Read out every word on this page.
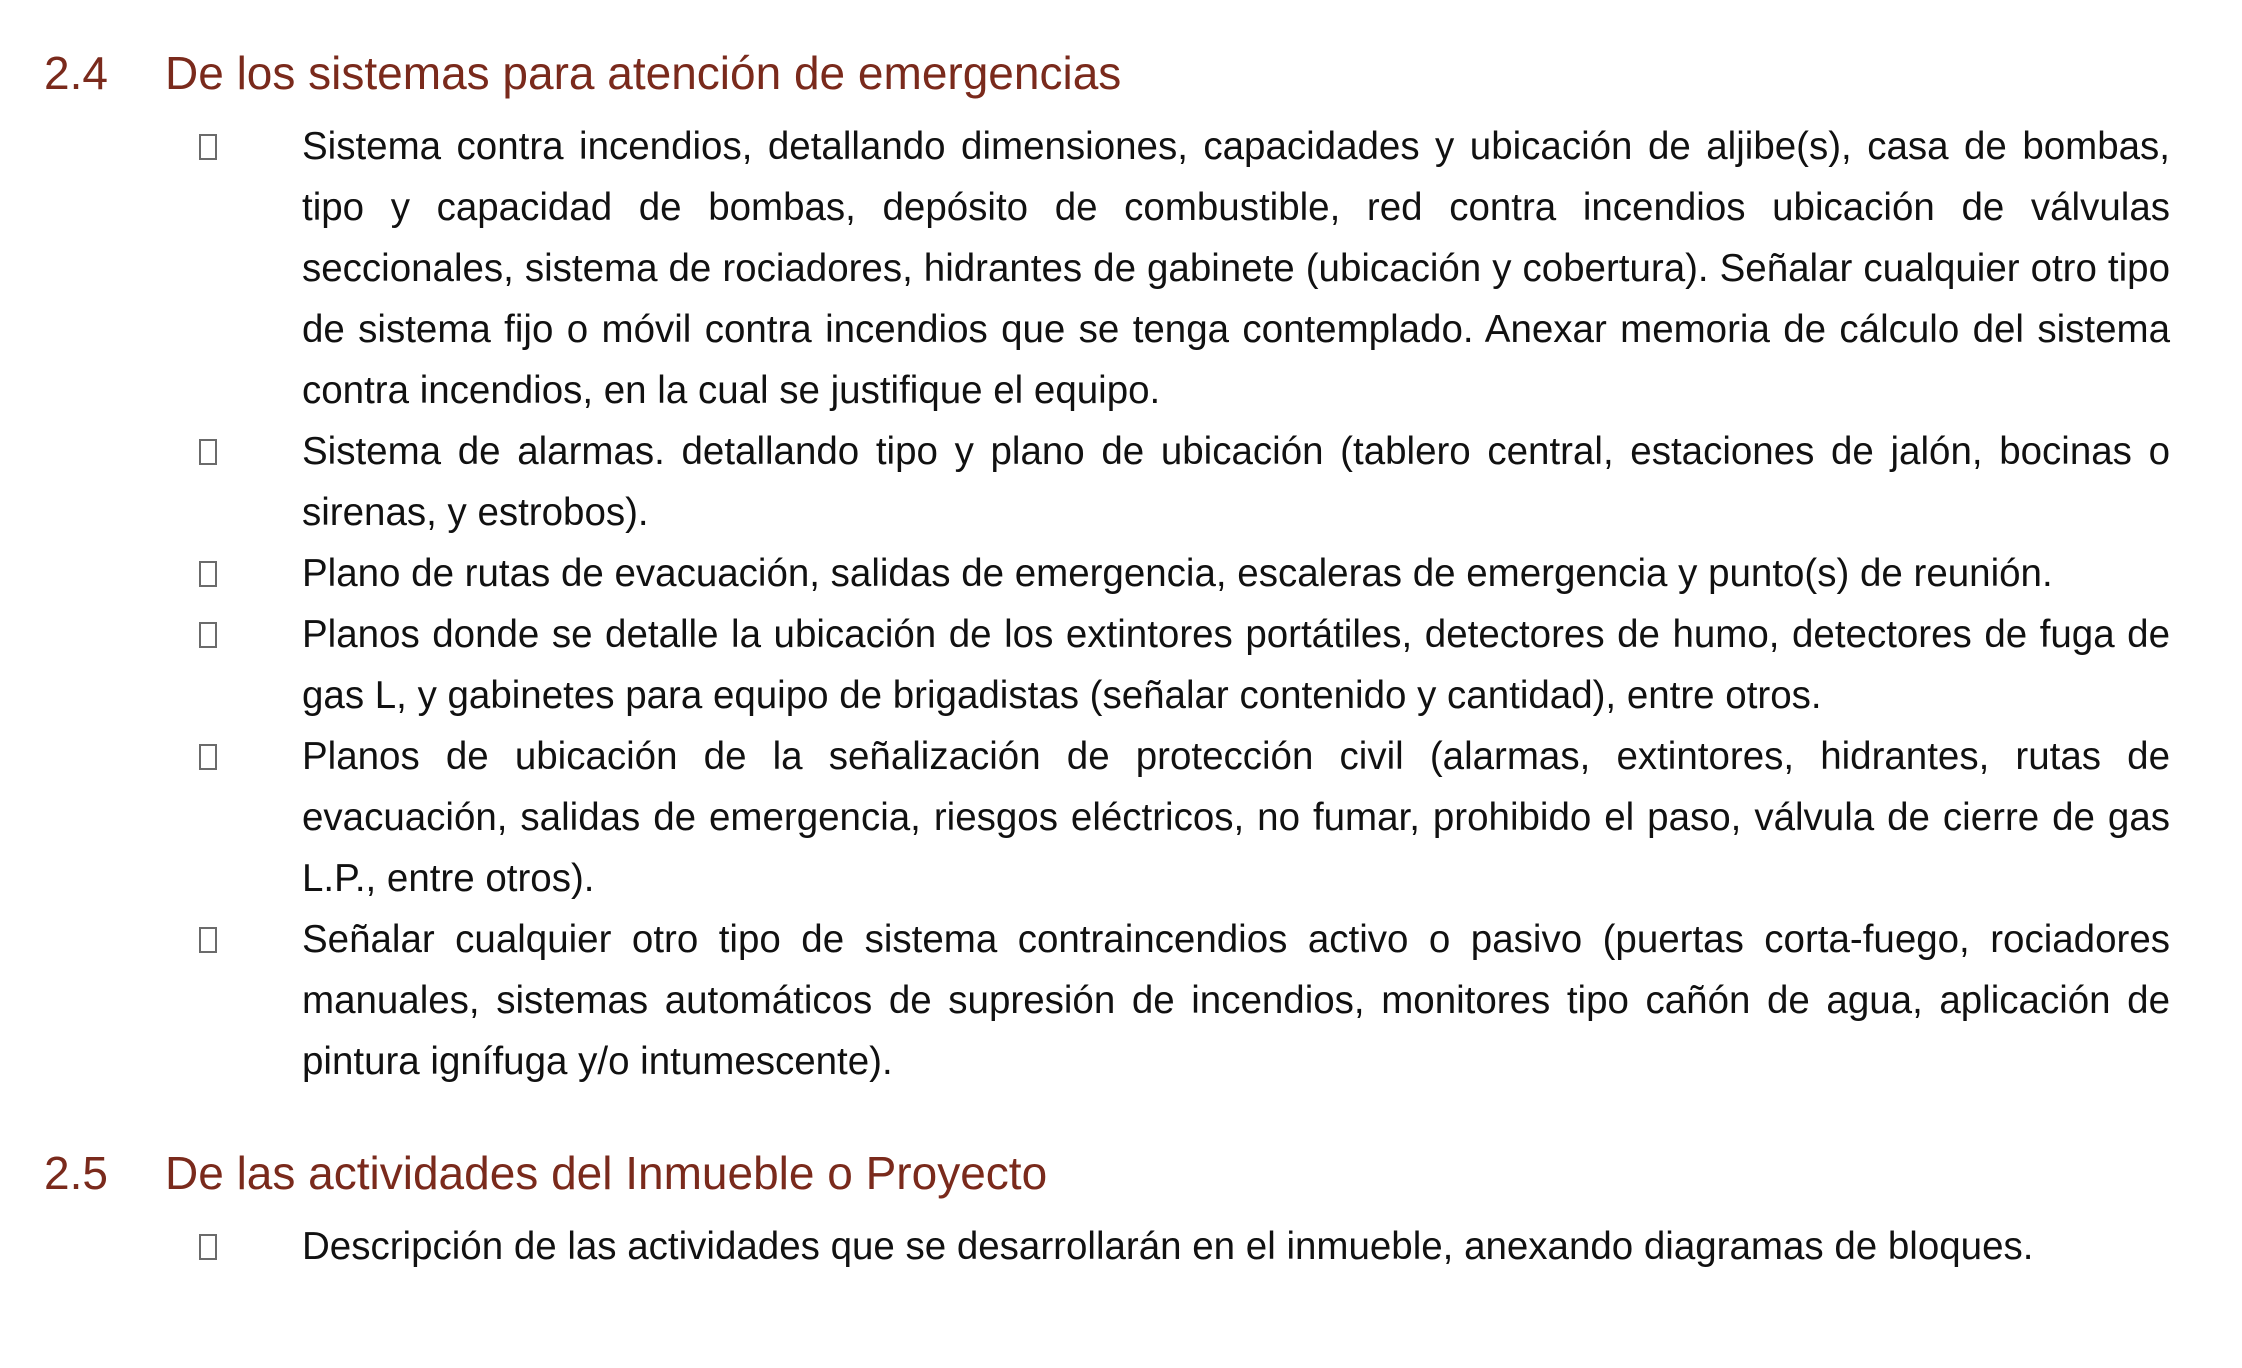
2.4 De los sistemas para atención de emergencias
Sistema contra incendios, detallando dimensiones, capacidades y ubicación de aljibe(s), casa de bombas, tipo y capacidad de bombas, depósito de combustible, red contra incendios ubicación de válvulas seccionales, sistema de rociadores, hidrantes de gabinete (ubicación y cobertura). Señalar cualquier otro tipo de sistema fijo o móvil contra incendios que se tenga contemplado. Anexar memoria de cálculo del sistema contra incendios, en la cual se justifique el equipo.
Sistema de alarmas. detallando tipo y plano de ubicación (tablero central, estaciones de jalón, bocinas o sirenas, y estrobos).
Plano de rutas de evacuación, salidas de emergencia, escaleras de emergencia y punto(s) de reunión.
Planos donde se detalle la ubicación de los extintores portátiles, detectores de humo, detectores de fuga de gas L, y gabinetes para equipo de brigadistas (señalar contenido y cantidad), entre otros.
Planos de ubicación de la señalización de protección civil (alarmas, extintores, hidrantes, rutas de evacuación, salidas de emergencia, riesgos eléctricos, no fumar, prohibido el paso, válvula de cierre de gas L.P., entre otros).
Señalar cualquier otro tipo de sistema contraincendios activo o pasivo (puertas corta-fuego, rociadores manuales, sistemas automáticos de supresión de incendios, monitores tipo cañón de agua, aplicación de pintura ignífuga y/o intumescente).
2.5 De las actividades del Inmueble o Proyecto
Descripción de las actividades que se desarrollarán en el inmueble, anexando diagramas de bloques.
